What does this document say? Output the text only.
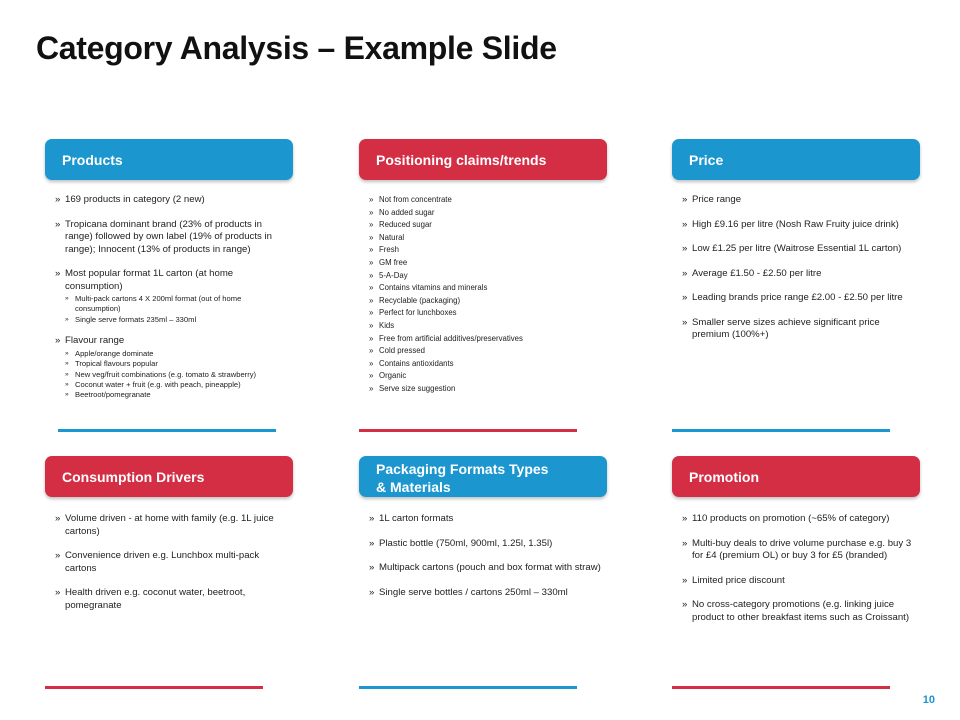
Category Analysis – Example Slide
Products
» 169 products in category (2 new)
» Tropicana dominant brand (23% of products in range) followed by own label (19% of products in range); Innocent (13% of products in range)
» Most popular format 1L carton (at home consumption)
» Multi-pack cartons 4 X 200ml format (out of home consumption)
» Single serve formats 235ml – 330ml
» Flavour range
» Apple/orange dominate
» Tropical flavours popular
» New veg/fruit combinations (e.g. tomato & strawberry)
» Coconut water + fruit (e.g. with peach, pineapple)
» Beetroot/pomegranate
Positioning claims/trends
» Not from concentrate
» No added sugar
» Reduced sugar
» Natural
» Fresh
» GM free
» 5-A-Day
» Contains vitamins and minerals
» Recyclable (packaging)
» Perfect for lunchboxes
» Kids
» Free from artificial additives/preservatives
» Cold pressed
» Contains antioxidants
» Organic
» Serve size suggestion
Price
» Price range
» High £9.16 per litre (Nosh Raw Fruity juice drink)
» Low £1.25 per litre (Waitrose Essential 1L carton)
» Average £1.50 - £2.50 per litre
» Leading brands price range £2.00 - £2.50 per litre
» Smaller serve sizes achieve significant price premium (100%+)
Consumption Drivers
» Volume driven - at home with family (e.g. 1L juice cartons)
» Convenience driven e.g. Lunchbox multi-pack cartons
» Health driven e.g. coconut water, beetroot, pomegranate
Packaging Formats Types
& Materials
» 1L carton formats
» Plastic bottle (750ml, 900ml, 1.25l, 1.35l)
» Multipack cartons (pouch and box format with straw)
» Single serve bottles / cartons 250ml – 330ml
Promotion
» 110 products on promotion (~65% of category)
» Multi-buy deals to drive volume purchase e.g. buy 3 for £4 (premium OL) or buy 3 for £5 (branded)
» Limited price discount
» No cross-category promotions (e.g. linking juice product to other breakfast items such as Croissant)
10
